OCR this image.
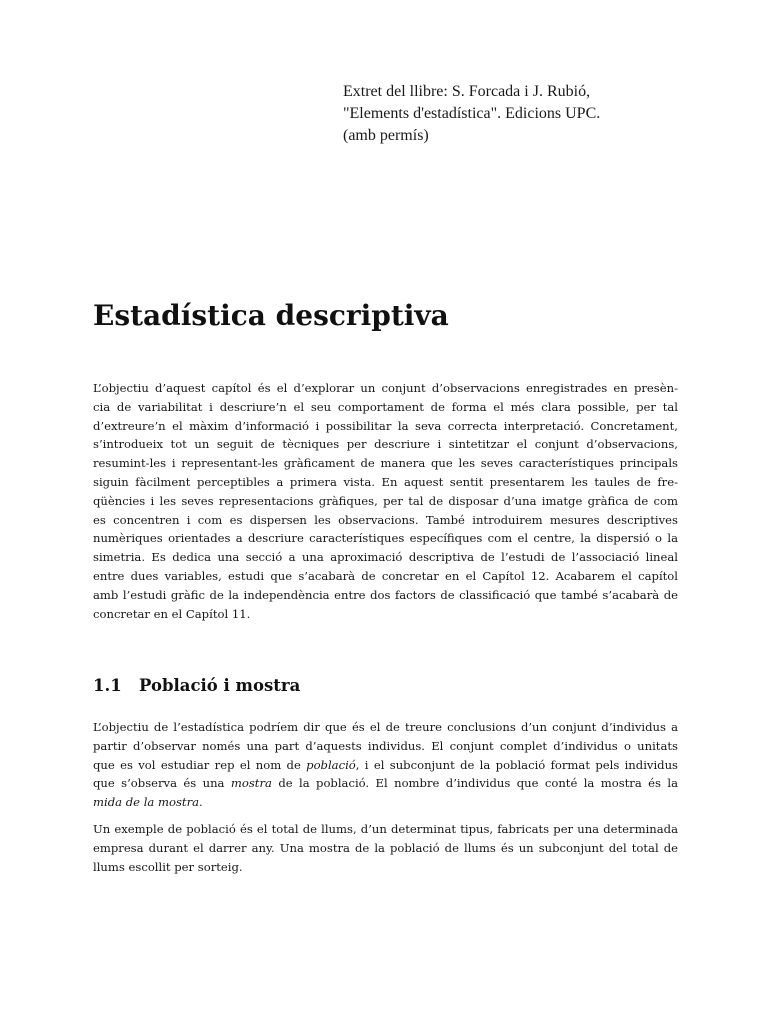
Extret del llibre: S. Forcada i J. Rubió,
"Elements d'estadística". Edicions UPC.
(amb permís)
Estadística descriptiva
L’objectiu d’aquest capítol és el d’explorar un conjunt d’observacions enregistrades en presèn-
cia de variabilitat i descriure’n el seu comportament de forma el més clara possible, per tal
d’extreure’n el màxim d’informació i possibilitar la seva correcta interpretació. Concretament,
s’introdueix tot un seguit de tècniques per descriure i sintetitzar el conjunt d’observacions,
resumint-les i representant-les gràficament de manera que les seves característiques principals
siguin fàcilment perceptibles a primera vista. En aquest sentit presentarem les taules de fre-
qüències i les seves representacions gràfiques, per tal de disposar d’una imatge gràfica de com
es concentren i com es dispersen les observacions. També introduirem mesures descriptives
numèriques orientades a descriure característiques específiques com el centre, la dispersió o la
simetria. Es dedica una secció a una aproximació descriptiva de l’estudi de l’associació lineal
entre dues variables, estudi que s’acabarà de concretar en el Capítol 12. Acabarem el capítol
amb l’estudi gràfic de la independència entre dos factors de classificació que també s’acabarà de
concretar en el Capítol 11.
1.1 Població i mostra
L’objectiu de l’estadística podríem dir que és el de treure conclusions d’un conjunt d’individus a
partir d’observar només una part d’aquests individus. El conjunt complet d’individus o unitats
que es vol estudiar rep el nom de població, i el subconjunt de la població format pels individus
que s’observa és una mostra de la població. El nombre d’individus que conté la mostra és la
mida de la mostra.
Un exemple de població és el total de llums, d’un determinat tipus, fabricats per una determinada
empresa durant el darrer any. Una mostra de la població de llums és un subconjunt del total de
llums escollit per sorteig.
